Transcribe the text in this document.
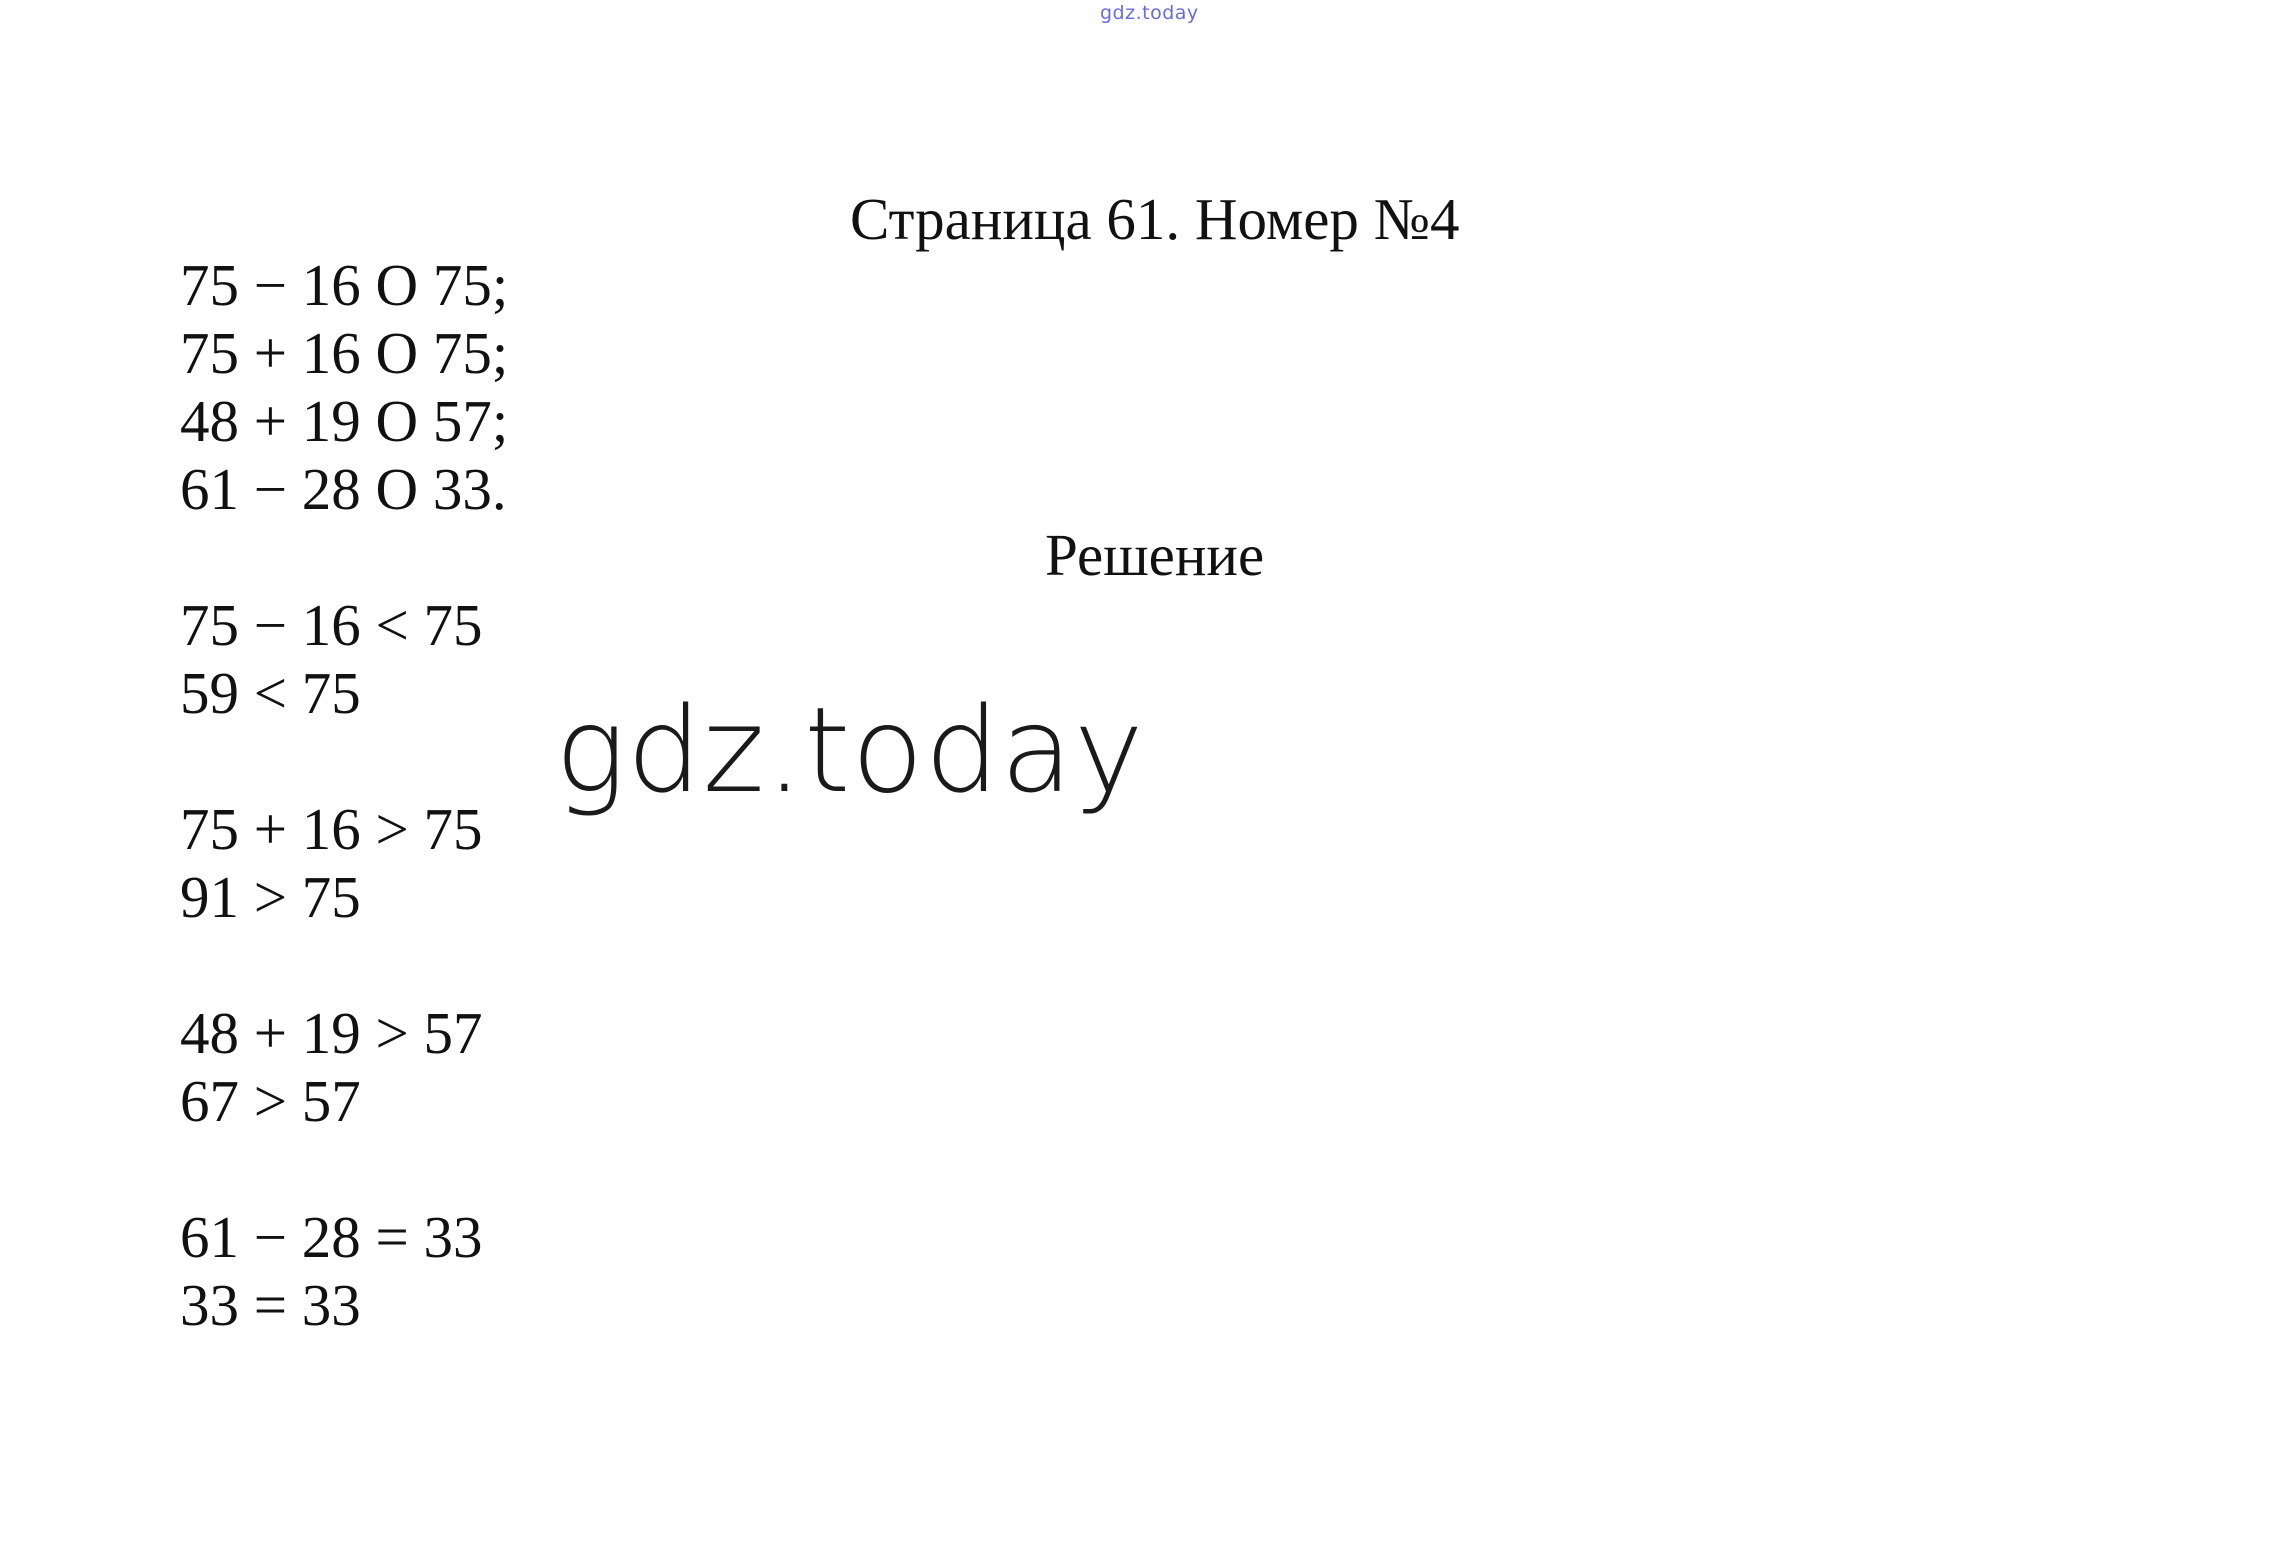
gdz.today
Страница 61. Номер №4
75 − 16 O 75;
75 + 16 O 75;
48 + 19 O 57;
61 − 28 O 33.
Решение
75 − 16 < 75
59 < 75
75 + 16 > 75
91 > 75
48 + 19 > 57
67 > 57
61 − 28 = 33
33 = 33
gdz.today
